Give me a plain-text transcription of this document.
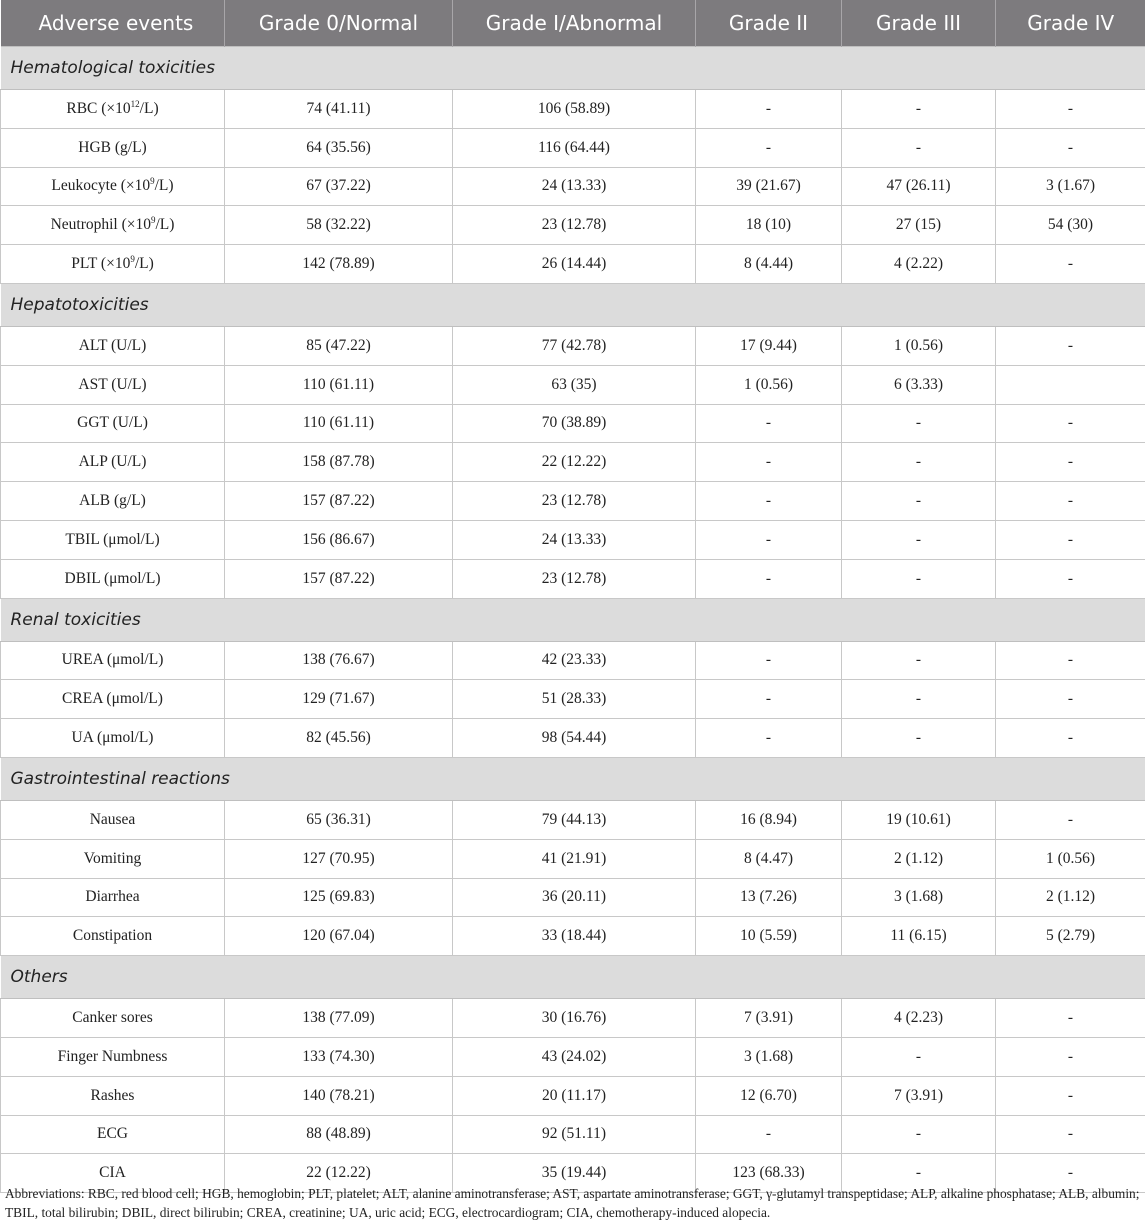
Adverse events	Grade 0/Normal	Grade I/Abnormal	Grade II	Grade III	Grade IV
Hematological toxicities					
RBC $(\times 10^{12}/L)$	74 (41.11)	106 (58.89)	-	-	-
HGB (g/L)	64 (35.56)	116 (64.44)	-	-	-
Leukocyte $(\times 10^9/L)$	67 (37.22)	24 (13.33)	39 (21.67)	47 (26.11)	3 (1.67)
Neutrophil $(\times 10^9/L)$	58 (32.22)	23 (12.78)	18 (10)	27 (15)	54 (30)
PLT $(\times 10^9/L)$	142 (78.89)	26 (14.44)	8 (4.44)	4 (2.22)	-
Hepatotoxicities					
ALT (U/L)	85 (47.22)	77 (42.78)	17 (9.44)	1 (0.56)	-
AST (U/L)	110 (61.11)	63 (35)	1 (0.56)	6 (3.33)	
GGT (U/L)	110 (61.11)	70 (38.89)	-	-	-
ALP (U/L)	158 (87.78)	22 (12.22)	-	-	-
ALB (g/L)	157 (87.22)	23 (12.78)	-	-	-
TBIL (μmol/L)	156 (86.67)	24 (13.33)	-	-	-
DBIL (μmol/L)	157 (87.22)	23 (12.78)	-	-	-
Renal toxicities					
UREA (μmol/L)	138 (76.67)	42 (23.33)	-	-	-
CREA (μmol/L)	129 (71.67)	51 (28.33)	-	-	-
UA (μmol/L)	82 (45.56)	98 (54.44)	-	-	-
Gastrointestinal reactions					
Nausea	65 (36.31)	79 (44.13)	16 (8.94)	19 (10.61)	-
Vomiting	127 (70.95)	41 (21.91)	8 (4.47)	2 (1.12)	1 (0.56)
Diarrhea	125 (69.83)	36 (20.11)	13 (7.26)	3 (1.68)	2 (1.12)
Constipation	120 (67.04)	33 (18.44)	10 (5.59)	11 (6.15)	5 (2.79)
Others					
Canker sores	138 (77.09)	30 (16.76)	7 (3.91)	4 (2.23)	-
Finger Numbness	133 (74.30)	43 (24.02)	3 (1.68)	-	-
Rashes	140 (78.21)	20 (11.17)	12 (6.70)	7 (3.91)	-
ECG	88 (48.89)	92 (51.11)	-	-	-
CIA	22 (12.22)	35 (19.44)	123 (68.33)	-	-
Abbreviations: RBC, red blood cell; HGB, hemoglobin; PLT, platelet; ALT, alanine aminotransferase; AST, aspartate aminotransferase; GGT, γ-glutamyl transpeptidase; ALP, alkaline phosphatase; ALB, albumin; TBIL, total bilirubin; DBIL, direct bilirubin; CREA, creatinine; UA, uric acid; ECG, electrocardiogram; CIA, chemotherapy-induced alopecia.
